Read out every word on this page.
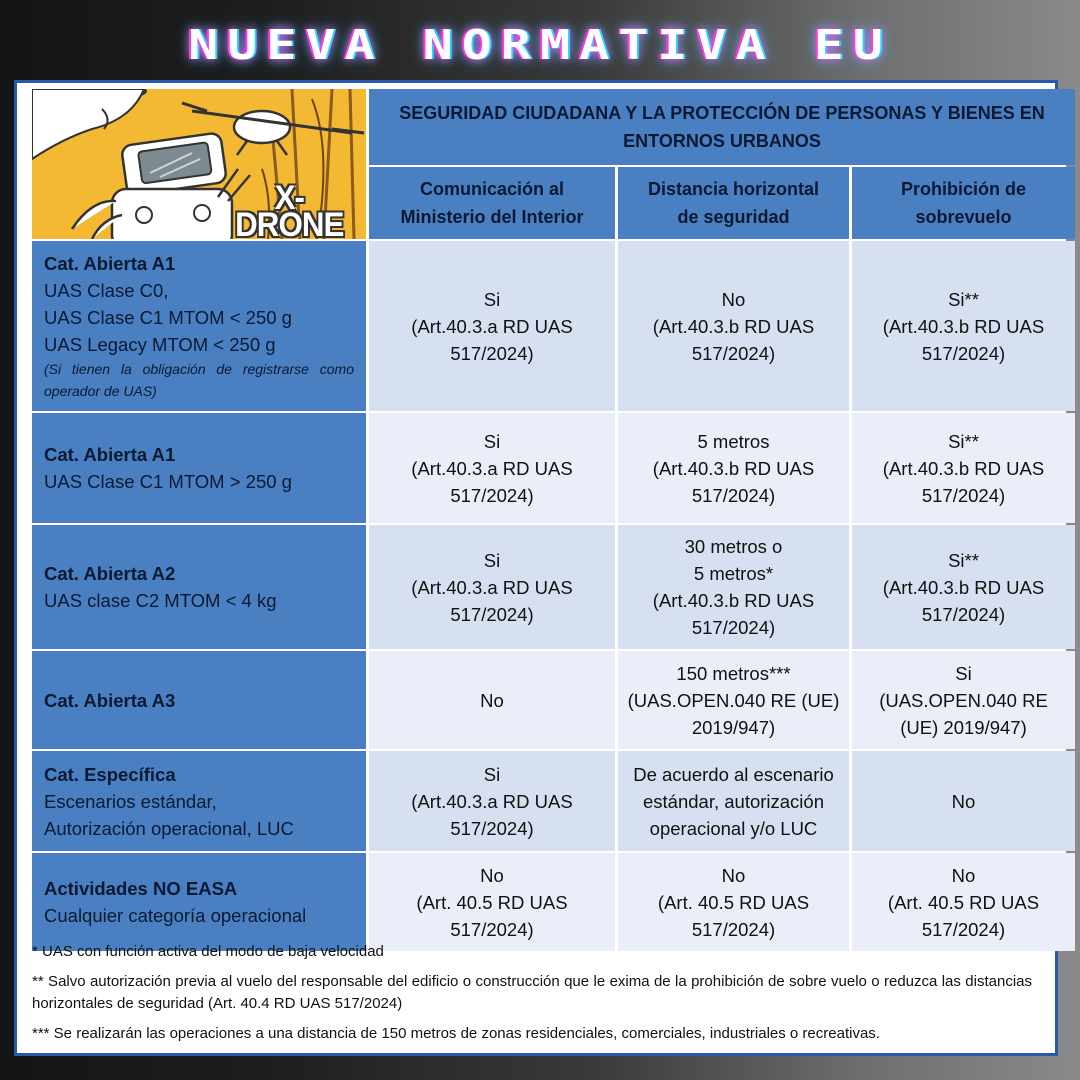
NUEVA NORMATIVA EU
X-DRONE
SEGURIDAD CIUDADANA Y LA PROTECCIÓN DE PERSONAS Y BIENES EN ENTORNOS URBANOS
Comunicación al
Ministerio del Interior
Distancia horizontal
de seguridad
Prohibición de
sobrevuelo
Cat. Abierta A1
UAS Clase C0,
UAS Clase C1 MTOM < 250 g
UAS Legacy MTOM < 250 g
(Si tienen la obligación de registrarse como operador de UAS)
Si
(Art.40.3.a RD UAS
517/2024)
No
(Art.40.3.b RD UAS
517/2024)
Si**
(Art.40.3.b RD UAS
517/2024)
Cat. Abierta A1
UAS Clase C1 MTOM > 250 g
Si
(Art.40.3.a RD UAS
517/2024)
5 metros
(Art.40.3.b RD UAS
517/2024)
Si**
(Art.40.3.b RD UAS
517/2024)
Cat. Abierta A2
UAS clase C2 MTOM < 4 kg
Si
(Art.40.3.a RD UAS
517/2024)
30 metros o
5 metros*
(Art.40.3.b RD UAS
517/2024)
Si**
(Art.40.3.b RD UAS
517/2024)
Cat. Abierta A3	No
150 metros***
(UAS.OPEN.040 RE (UE)
2019/947)
Si
(UAS.OPEN.040 RE
(UE) 2019/947)
Cat. Específica
Escenarios estándar,
Autorización operacional, LUC
Si
(Art.40.3.a RD UAS
517/2024)
De acuerdo al escenario
estándar, autorización
operacional y/o LUC
No
Actividades NO EASA
Cualquier categoría operacional
No
(Art. 40.5 RD UAS
517/2024)
No
(Art. 40.5 RD UAS
517/2024)
No
(Art. 40.5 RD UAS
517/2024)

* UAS con función activa del modo de baja velocidad

** Salvo autorización previa al vuelo del responsable del edificio o construcción que le exima de la prohibición de sobre vuelo o reduzca las distancias horizontales de seguridad (Art. 40.4 RD UAS 517/2024)

*** Se realizarán las operaciones a una distancia de 150 metros de zonas residenciales, comerciales, industriales o recreativas.
